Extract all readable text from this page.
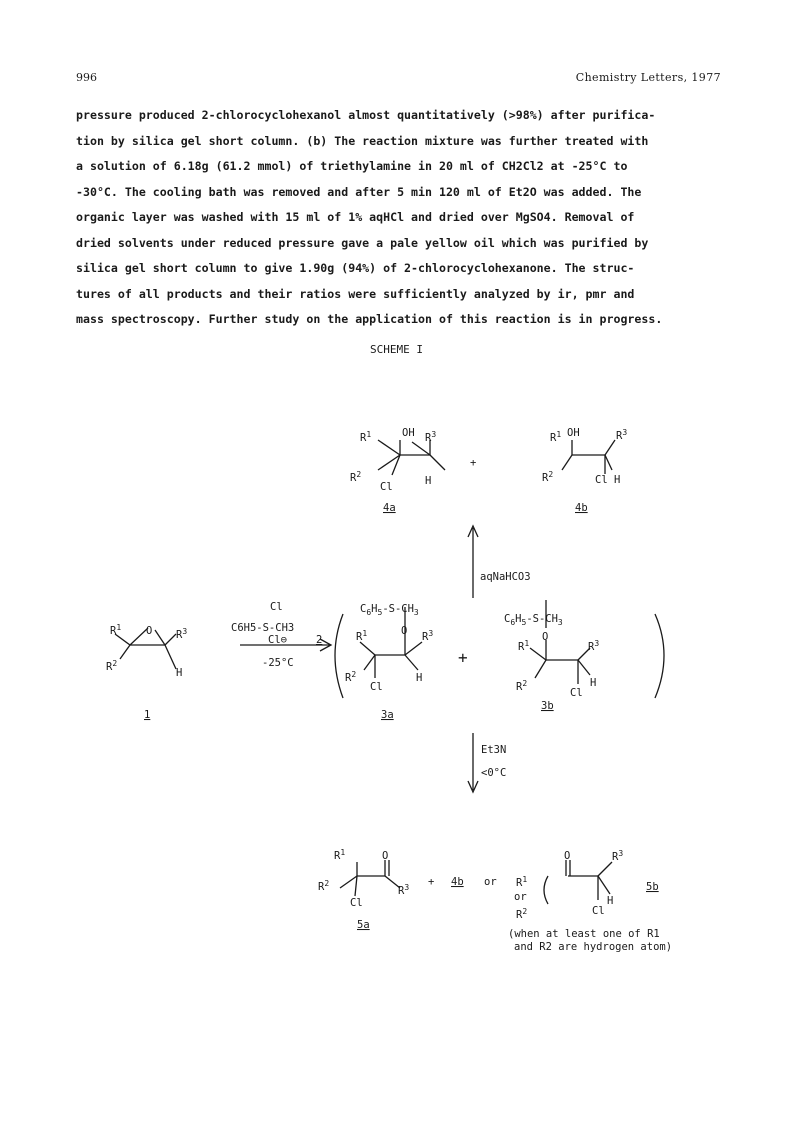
996	Chemistry Letters, 1977
pressure produced 2-chlorocyclohexanol almost quantitatively (>98%) after purifica-
tion by silica gel short column. (b) The reaction mixture was further treated with
a solution of 6.18g (61.2 mmol) of triethylamine in 20 ml of CH2Cl2 at -25°C to
-30°C. The cooling bath was removed and after 5 min 120 ml of Et2O was added. The
organic layer was washed with 15 ml of 1% aqHCl and dried over MgSO4. Removal of
dried solvents under reduced pressure gave a pale yellow oil which was purified by
silica gel short column to give 1.90g (94%) of 2-chlorocyclohexanone. The struc-
tures of all products and their ratios were sufficiently analyzed by ir, pmr and
mass spectroscopy. Further study on the application of this reaction is in progress.
SCHEME I
$R^1$	OH $R^3$
$R^2$
Cl	H
$R^1$ OH	$R^3$
$R^2$	Cl H
$R^1$ O $R^3$
$R^2$
H
$C_6H_5-S-CH_3$
O
$R^1$	$R^3$
$R^2$
Cl
H
$C_6H_5-S-CH_3$
O
$R^1$	$R^3$
$R^2$
Cl
H
$R^1$	O
$R^2$
Cl
$R^3$	$R^1$
$R^2$
O	$R^3$
Cl
H
4a	4b
1	3a
3b
5a
5b
4b
aqNaHCO3
Cl
C6H5-S-CH3
Cl⊖	2
-25°C
Et3N
<0°C
+
+
+	or
or
(when at least one of R1
and R2 are hydrogen atom)
